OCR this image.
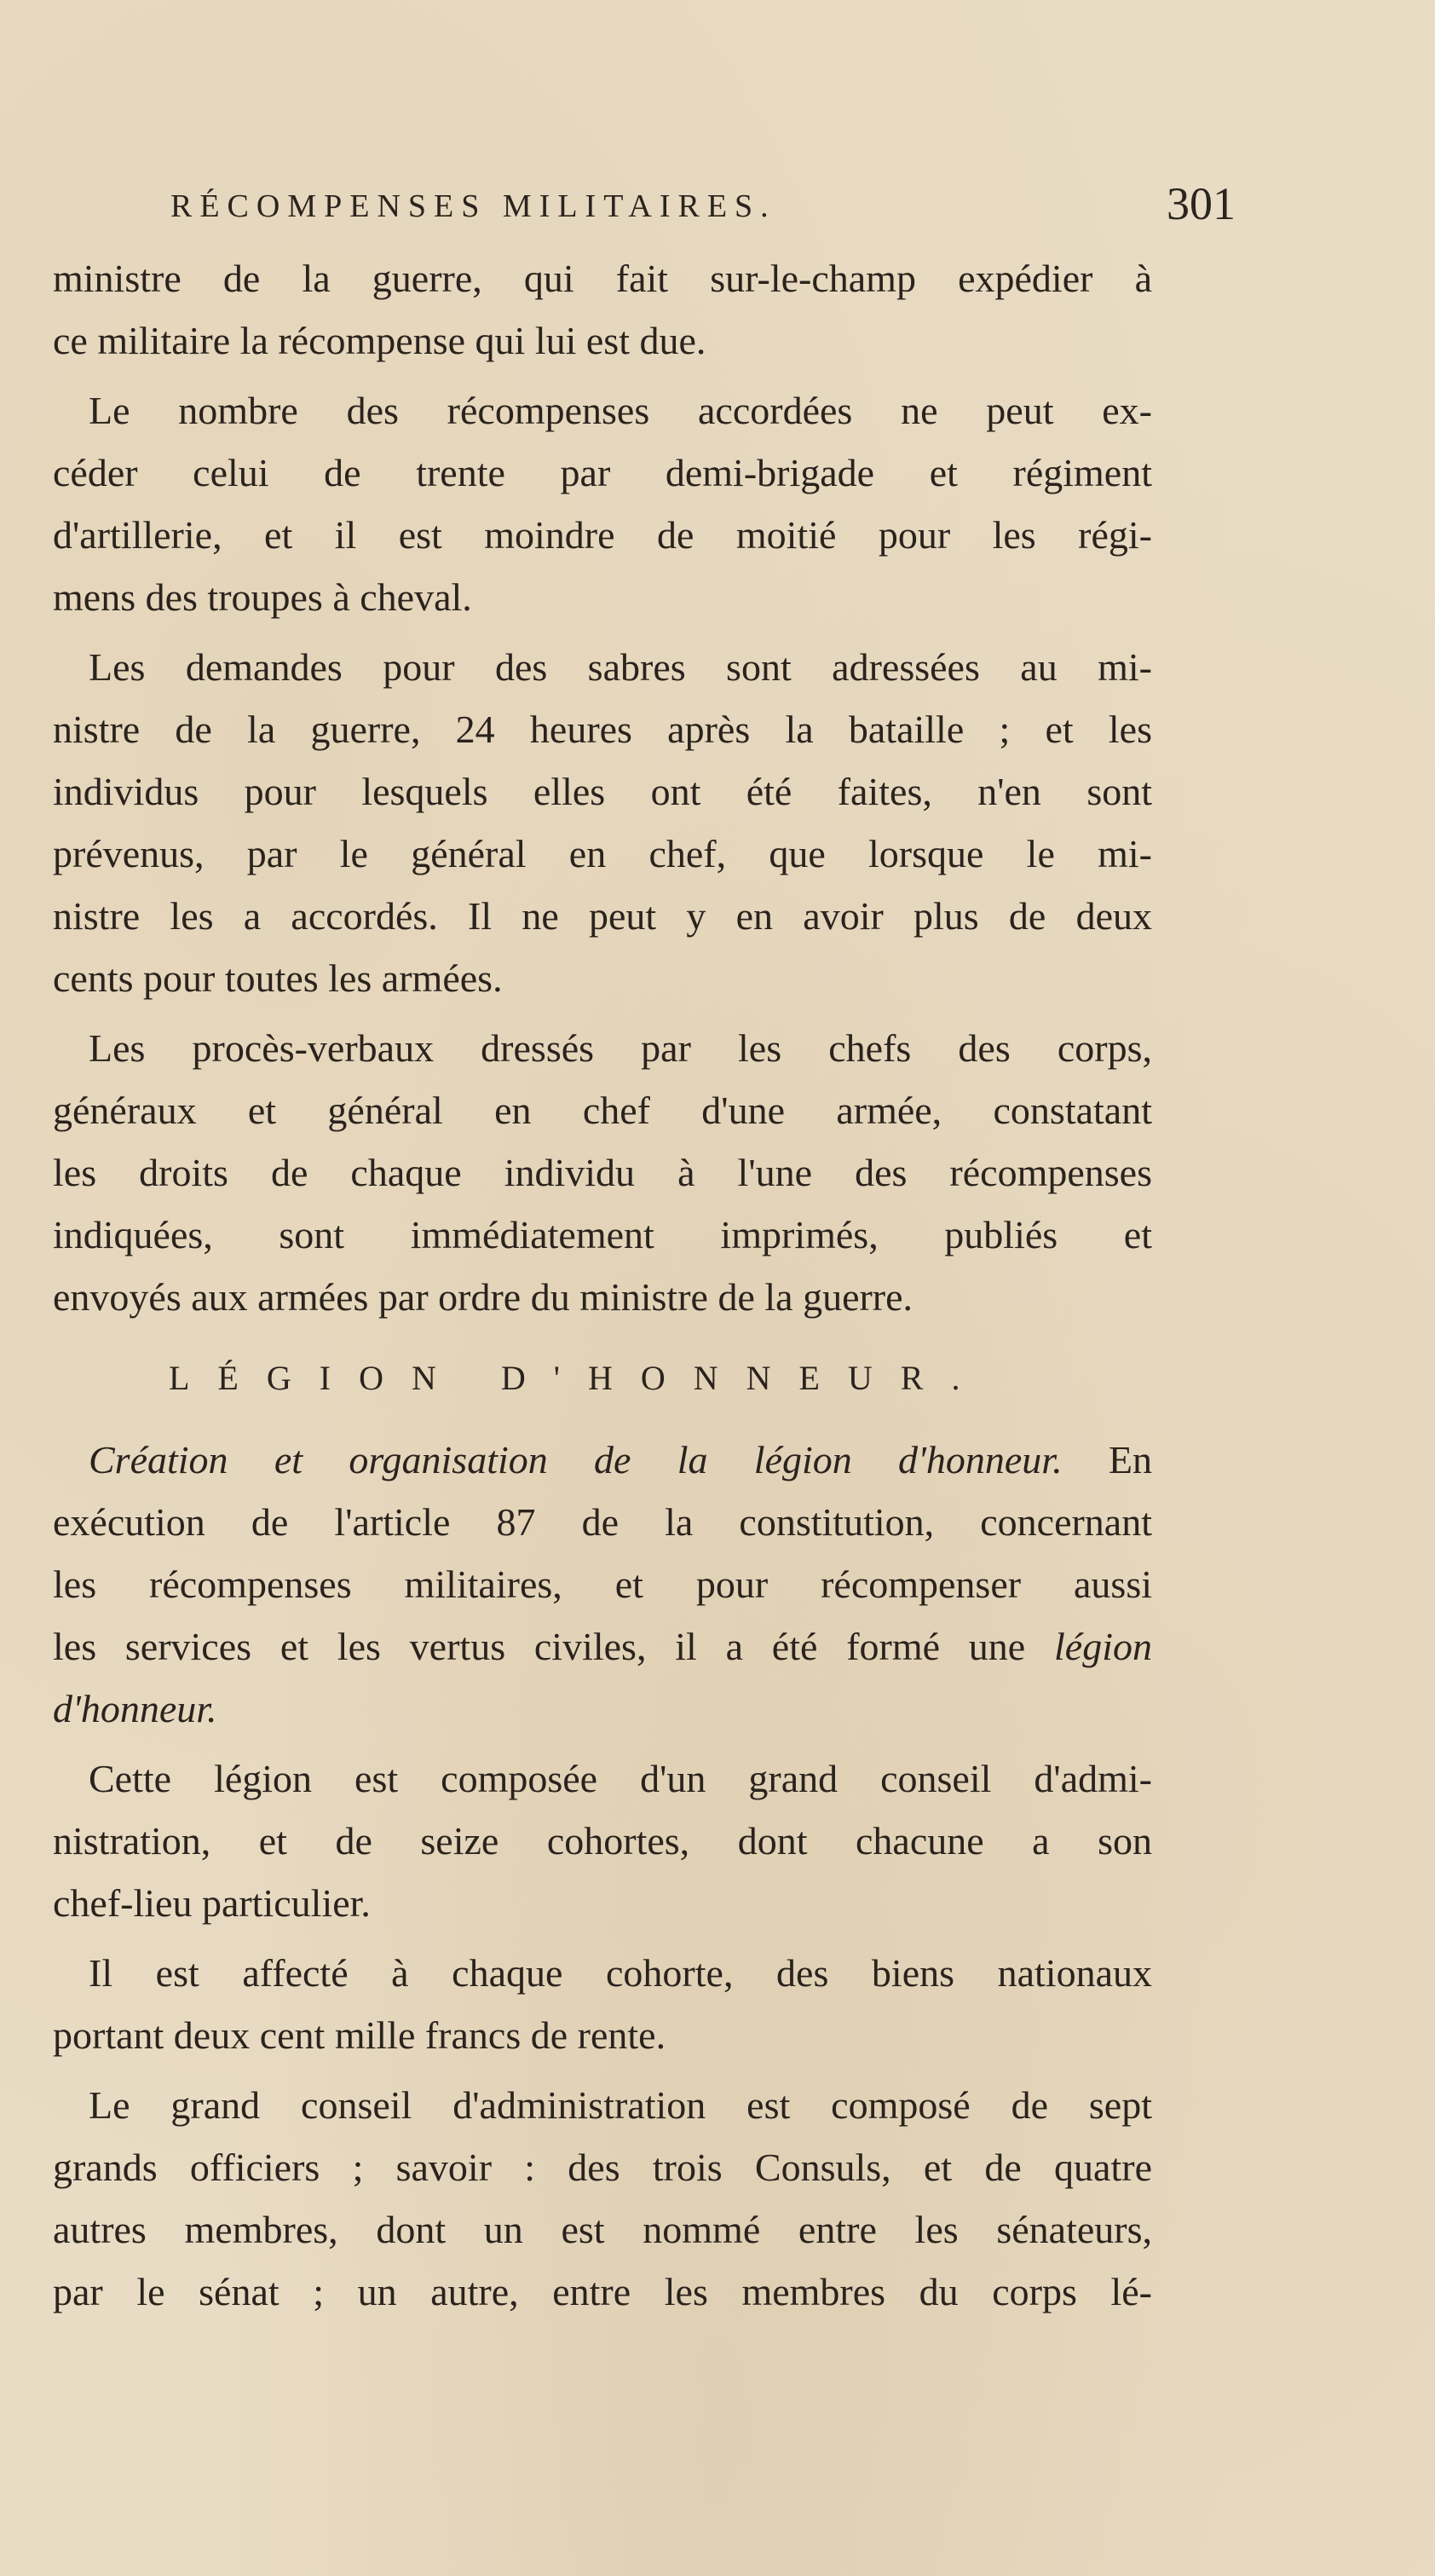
RÉCOMPENSES MILITAIRES.	301
ministre de la guerre, qui fait sur-le-champ expédier à
ce militaire la récompense qui lui est due.
Le nombre des récompenses accordées ne peut ex-
céder celui de trente par demi-brigade et régiment
d'artillerie, et il est moindre de moitié pour les régi-
mens des troupes à cheval.
Les demandes pour des sabres sont adressées au mi-
nistre de la guerre, 24 heures après la bataille ; et les
individus pour lesquels elles ont été faites, n'en sont
prévenus, par le général en chef, que lorsque le mi-
nistre les a accordés. Il ne peut y en avoir plus de deux
cents pour toutes les armées.
Les procès-verbaux dressés par les chefs des corps,
généraux et général en chef d'une armée, constatant
les droits de chaque individu à l'une des récompenses
indiquées, sont immédiatement imprimés, publiés et
envoyés aux armées par ordre du ministre de la guerre.
LÉGION D'HONNEUR.
Création et organisation de la légion d'honneur. En
exécution de l'article 87 de la constitution, concernant
les récompenses militaires, et pour récompenser aussi
les services et les vertus civiles, il a été formé une légion
d'honneur.
Cette légion est composée d'un grand conseil d'admi-
nistration, et de seize cohortes, dont chacune a son
chef-lieu particulier.
Il est affecté à chaque cohorte, des biens nationaux
portant deux cent mille francs de rente.
Le grand conseil d'administration est composé de sept
grands officiers ; savoir : des trois Consuls, et de quatre
autres membres, dont un est nommé entre les sénateurs,
par le sénat ; un autre, entre les membres du corps lé-
